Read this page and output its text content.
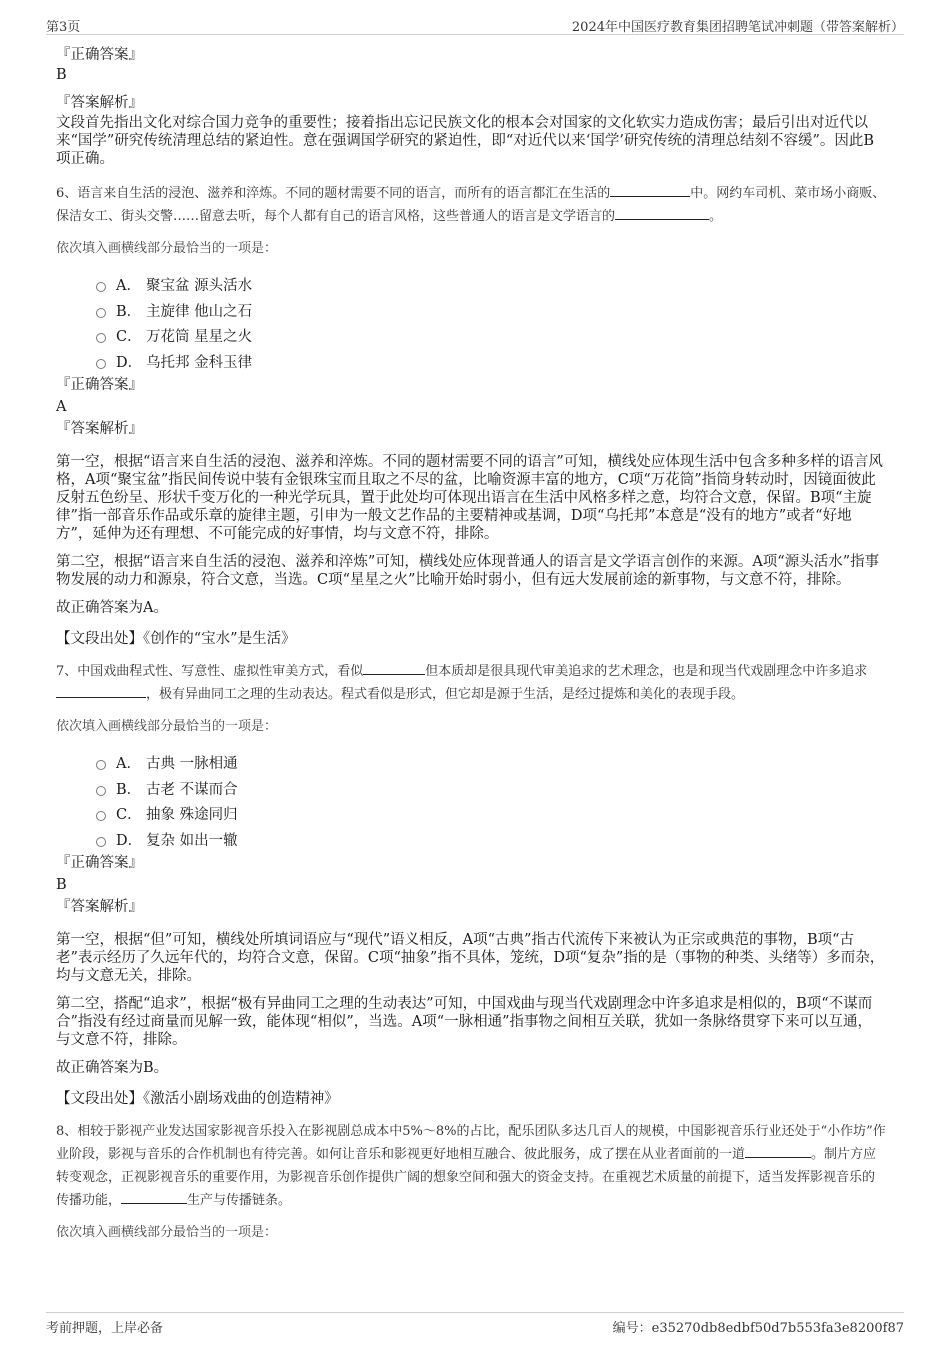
第3页	2024年中国医疗教育集团招聘笔试冲刺题（带答案解析）
『正确答案』
B
『答案解析』

文段首先指出文化对综合国力竞争的重要性；接着指出忘记民族文化的根本会对国家的文化软实力造成伤害；最后引出对近代以来“国学”研究传统清理总结的紧迫性。意在强调国学研究的紧迫性，即“对近代以来‘国学’研究传统的清理总结刻不容缓”。因此B项正确。

6、语言来自生活的浸泡、滋养和淬炼。不同的题材需要不同的语言，而所有的语言都汇在生活的	中。网约车司机、菜市场小商贩、保洁女工、街头交警……留意去听，每个人都有自己的语言风格，这些普通人的语言是文学语言的	。

依次填入画横线部分最恰当的一项是：
A． 聚宝盆 源头活水
B． 主旋律 他山之石
C． 万花筒 星星之火
D． 乌托邦 金科玉律
『正确答案』
A
『答案解析』

第一空，根据“语言来自生活的浸泡、滋养和淬炼。不同的题材需要不同的语言”可知，横线处应体现生活中包含多种多样的语言风格，A项“聚宝盆”指民间传说中装有金银珠宝而且取之不尽的盆，比喻资源丰富的地方，C项“万花筒”指筒身转动时，因镜面彼此反射五色纷呈、形状千变万化的一种光学玩具，置于此处均可体现出语言在生活中风格多样之意，均符合文意，保留。B项“主旋律”指一部音乐作品或乐章的旋律主题，引申为一般文艺作品的主要精神或基调，D项“乌托邦”本意是“没有的地方”或者“好地方”，延伸为还有理想、不可能完成的好事情，均与文意不符，排除。

第二空，根据“语言来自生活的浸泡、滋养和淬炼”可知，横线处应体现普通人的语言是文学语言创作的来源。A项“源头活水”指事物发展的动力和源泉，符合文意，当选。C项“星星之火”比喻开始时弱小，但有远大发展前途的新事物，与文意不符，排除。

故正确答案为A。

【文段出处】《创作的“宝水”是生活》

7、中国戏曲程式性、写意性、虚拟性审美方式，看似	但本质却是很具现代审美追求的艺术理念，也是和现当代戏剧理念中许多追求，极有异曲同工之理的生动表达。程式看似是形式，但它却是源于生活，是经过提炼和美化的表现手段。

依次填入画横线部分最恰当的一项是：
A． 古典 一脉相通
B． 古老 不谋而合
C． 抽象 殊途同归
D． 复杂 如出一辙
『正确答案』
B
『答案解析』

第一空，根据“但”可知，横线处所填词语应与“现代”语义相反，A项“古典”指古代流传下来被认为正宗或典范的事物，B项“古老”表示经历了久远年代的，均符合文意，保留。C项“抽象”指不具体，笼统，D项“复杂”指的是（事物的种类、头绪等）多而杂，均与文意无关，排除。

第二空，搭配“追求”，根据“极有异曲同工之理的生动表达”可知，中国戏曲与现当代戏剧理念中许多追求是相似的，B项“不谋而合”指没有经过商量而见解一致，能体现“相似”，当选。A项“一脉相通”指事物之间相互关联，犹如一条脉络贯穿下来可以互通，与文意不符，排除。

故正确答案为B。

【文段出处】《激活小剧场戏曲的创造精神》

8、相较于影视产业发达国家影视音乐投入在影视剧总成本中5%～8%的占比，配乐团队多达几百人的规模，中国影视音乐行业还处于“小作坊”作业阶段，影视与音乐的合作机制也有待完善。如何让音乐和影视更好地相互融合、彼此服务，成了摆在从业者面前的一道	。制片方应转变观念，正视影视音乐的重要作用，为影视音乐创作提供广阔的想象空间和强大的资金支持。在重视艺术质量的前提下，适当发挥影视音乐的传播功能，	生产与传播链条。

依次填入画横线部分最恰当的一项是：
考前押题，上岸必备	编号：e35270db8edbf50d7b553fa3e8200f87
